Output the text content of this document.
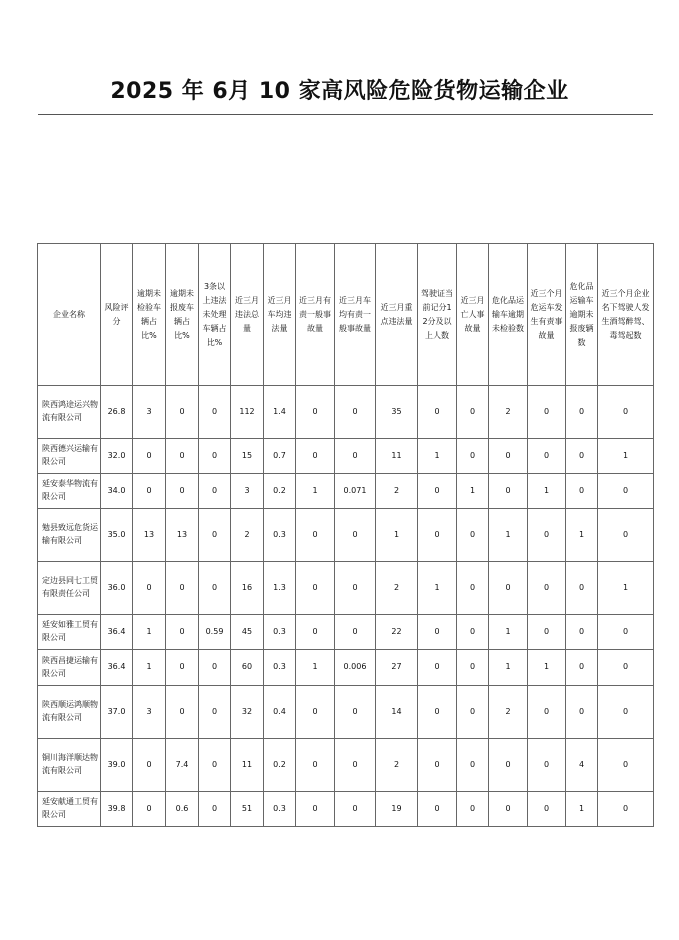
2025 年 6月 10 家高风险危险货物运输企业
企业名称	风险评分	逾期未检验车辆占比%	逾期未报废车辆占比%	3条以上违法未处理车辆占比%	近三月违法总量	近三月车均违法量	近三月有责一般事故量	近三月车均有责一般事故量	近三月重点违法量	驾驶证当前记分12分及以上人数	近三月亡人事故量	危化品运输车逾期未检验数	近三个月危运车发生有责事故量	危化品运输车逾期未报废辆数	近三个月企业名下驾驶人发生酒驾醉驾、毒驾起数
陕西鸿途运兴物流有限公司	26.8	3	0	0	112	1.4	0	0	35	0	0	2	0	0	0
陕西德兴运输有限公司	32.0	0	0	0	15	0.7	0	0	11	1	0	0	0	0	1
延安泰华物流有限公司	34.0	0	0	0	3	0.2	1	0.071	2	0	1	0	1	0	0
勉县致远危货运输有限公司	35.0	13	13	0	2	0.3	0	0	1	0	0	1	0	1	0
定边县同七工贸有限责任公司	36.0	0	0	0	16	1.3	0	0	2	1	0	0	0	0	1
延安如雅工贸有限公司	36.4	1	0	0.59	45	0.3	0	0	22	0	0	1	0	0	0
陕西昌捷运输有限公司	36.4	1	0	0	60	0.3	1	0.006	27	0	0	1	1	0	0
陕西顺运鸿顺物流有限公司	37.0	3	0	0	32	0.4	0	0	14	0	0	2	0	0	0
铜川海洋顺达物流有限公司	39.0	0	7.4	0	11	0.2	0	0	2	0	0	0	0	4	0
延安献通工贸有限公司	39.8	0	0.6	0	51	0.3	0	0	19	0	0	0	0	1	0
